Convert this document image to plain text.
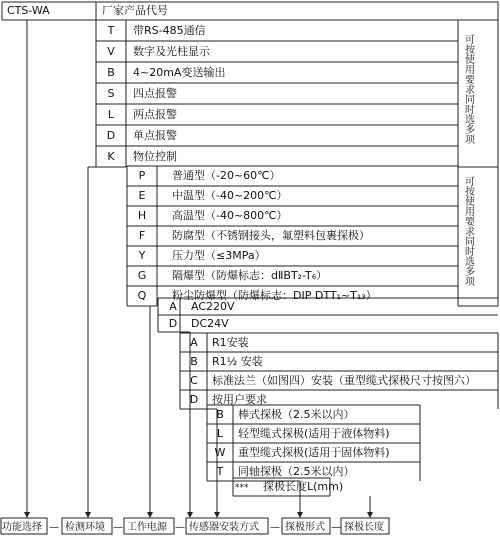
CTS-WA	厂家产品代号
T	带RS-485通信
V	数字及光柱显示
B	4~20mA变送输出
S	四点报警
L	两点报警
D	单点报警
K	物位控制
可按使用要求同时选多项
P	普通型（-20~60℃）
E	中温型（-40~200℃）
H	高温型（-40~800℃）
F	防腐型（不锈钢接头，氟塑料包裹探极）
Y	压力型（≤3MPa）
G	隔爆型（防爆标志：dⅡBT₂-T₆）
Q	粉尘防爆型（防爆标志：DIP DTT₁~T₁₃）
可按使用要求同时选多项
A	AC220V
D	DC24V
A	R1安装
B	R1½ 安装
C	标准法兰（如图四）安装（重型缆式探极尺寸按图六）
D	按用户要求
B	棒式探极（2.5米以内）
L	轻型缆式探极(适用于液体物料)
W	重型缆式探极(适用于固体物料)
T	同轴探极（2.5米以内）
*** 探极长度L(mm)
功能选择 检测环境 工作电源 传感器安装方式	探极形式 探极长度
—	—	—	—	—
